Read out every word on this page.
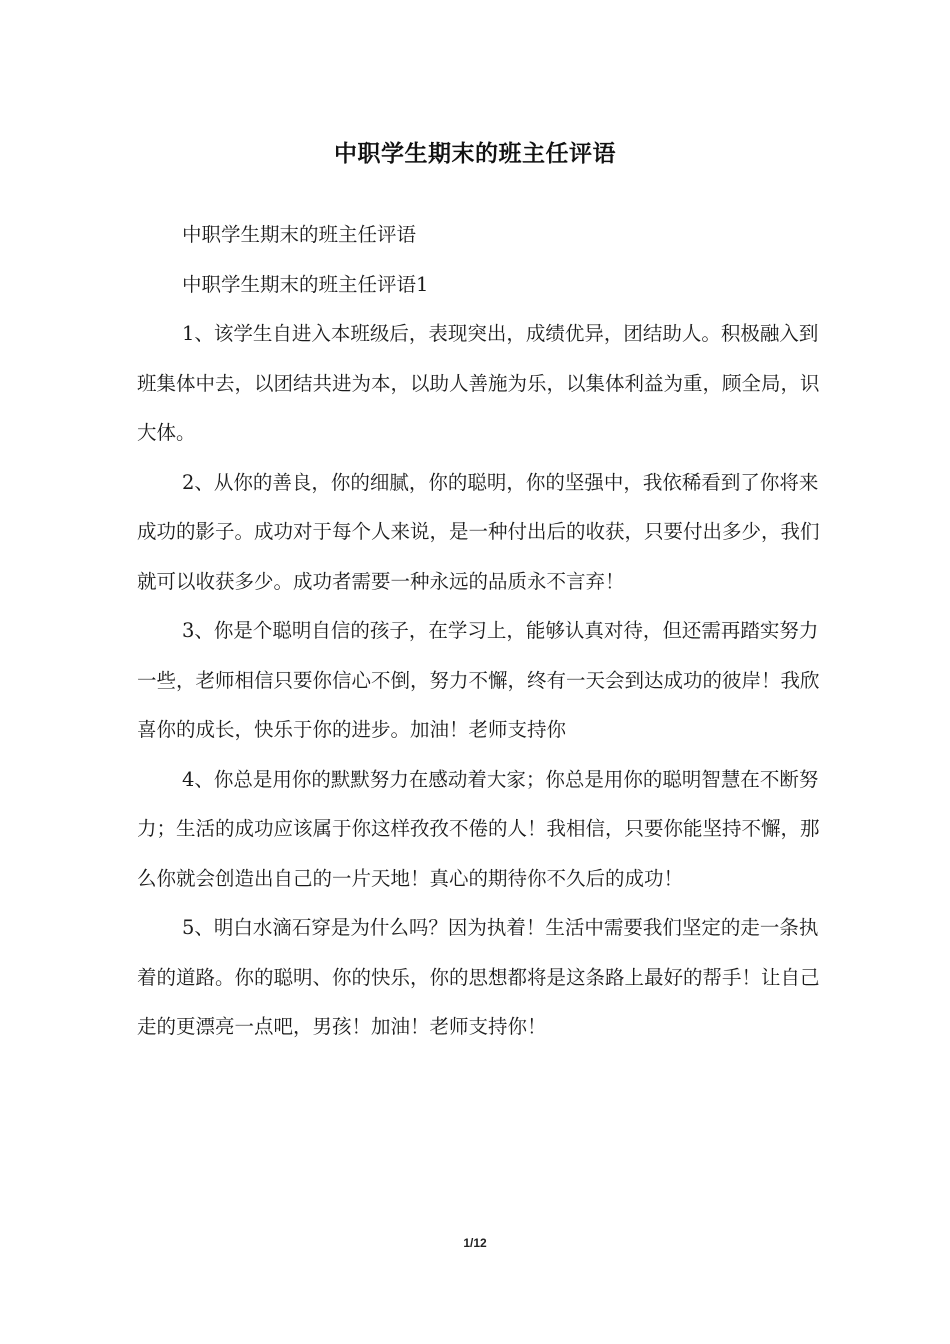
中职学生期末的班主任评语

中职学生期末的班主任评语

中职学生期末的班主任评语1

1、该学生自进入本班级后，表现突出，成绩优异，团结助人。积极融入到班集体中去，以团结共进为本，以助人善施为乐，以集体利益为重，顾全局，识大体。

2、从你的善良，你的细腻，你的聪明，你的坚强中，我依稀看到了你将来成功的影子。成功对于每个人来说，是一种付出后的收获，只要付出多少，我们就可以收获多少。成功者需要一种永远的品质永不言弃！

3、你是个聪明自信的孩子，在学习上，能够认真对待，但还需再踏实努力一些，老师相信只要你信心不倒，努力不懈，终有一天会到达成功的彼岸！我欣喜你的成长，快乐于你的进步。加油！老师支持你

4、你总是用你的默默努力在感动着大家；你总是用你的聪明智慧在不断努力；生活的成功应该属于你这样孜孜不倦的人！我相信，只要你能坚持不懈，那么你就会创造出自己的一片天地！真心的期待你不久后的成功！

5、明白水滴石穿是为什么吗？因为执着！生活中需要我们坚定的走一条执着的道路。你的聪明、你的快乐，你的思想都将是这条路上最好的帮手！让自己走的更漂亮一点吧，男孩！加油！老师支持你！

1/12
